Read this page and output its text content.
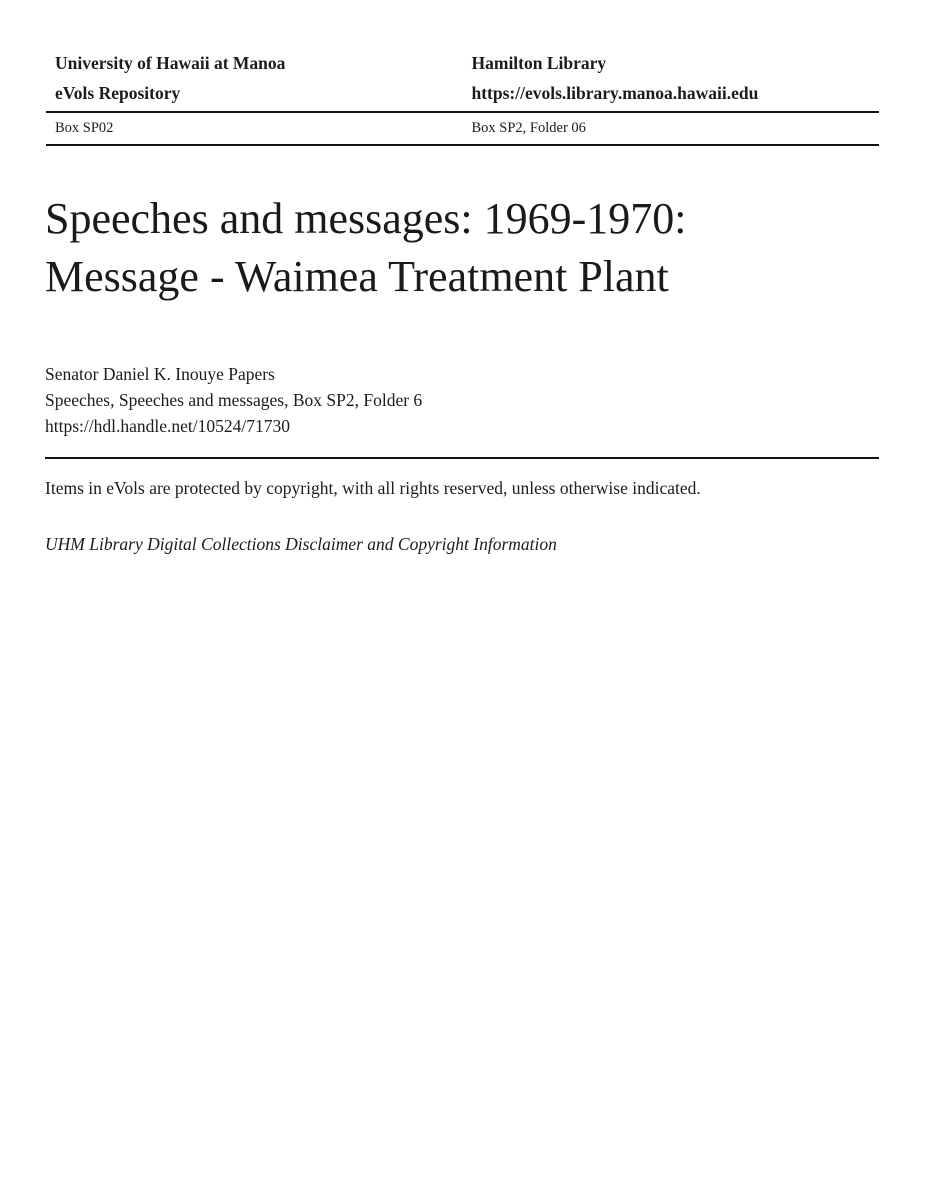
University of Hawaii at Manoa
eVols Repository
Hamilton Library
https://evols.library.manoa.hawaii.edu
Box SP02	Box SP2, Folder 06
Speeches and messages: 1969-1970:
Message - Waimea Treatment Plant
Senator Daniel K. Inouye Papers
Speeches, Speeches and messages, Box SP2, Folder 6
https://hdl.handle.net/10524/71730

Items in eVols are protected by copyright, with all rights reserved, unless otherwise indicated.

UHM Library Digital Collections Disclaimer and Copyright Information
